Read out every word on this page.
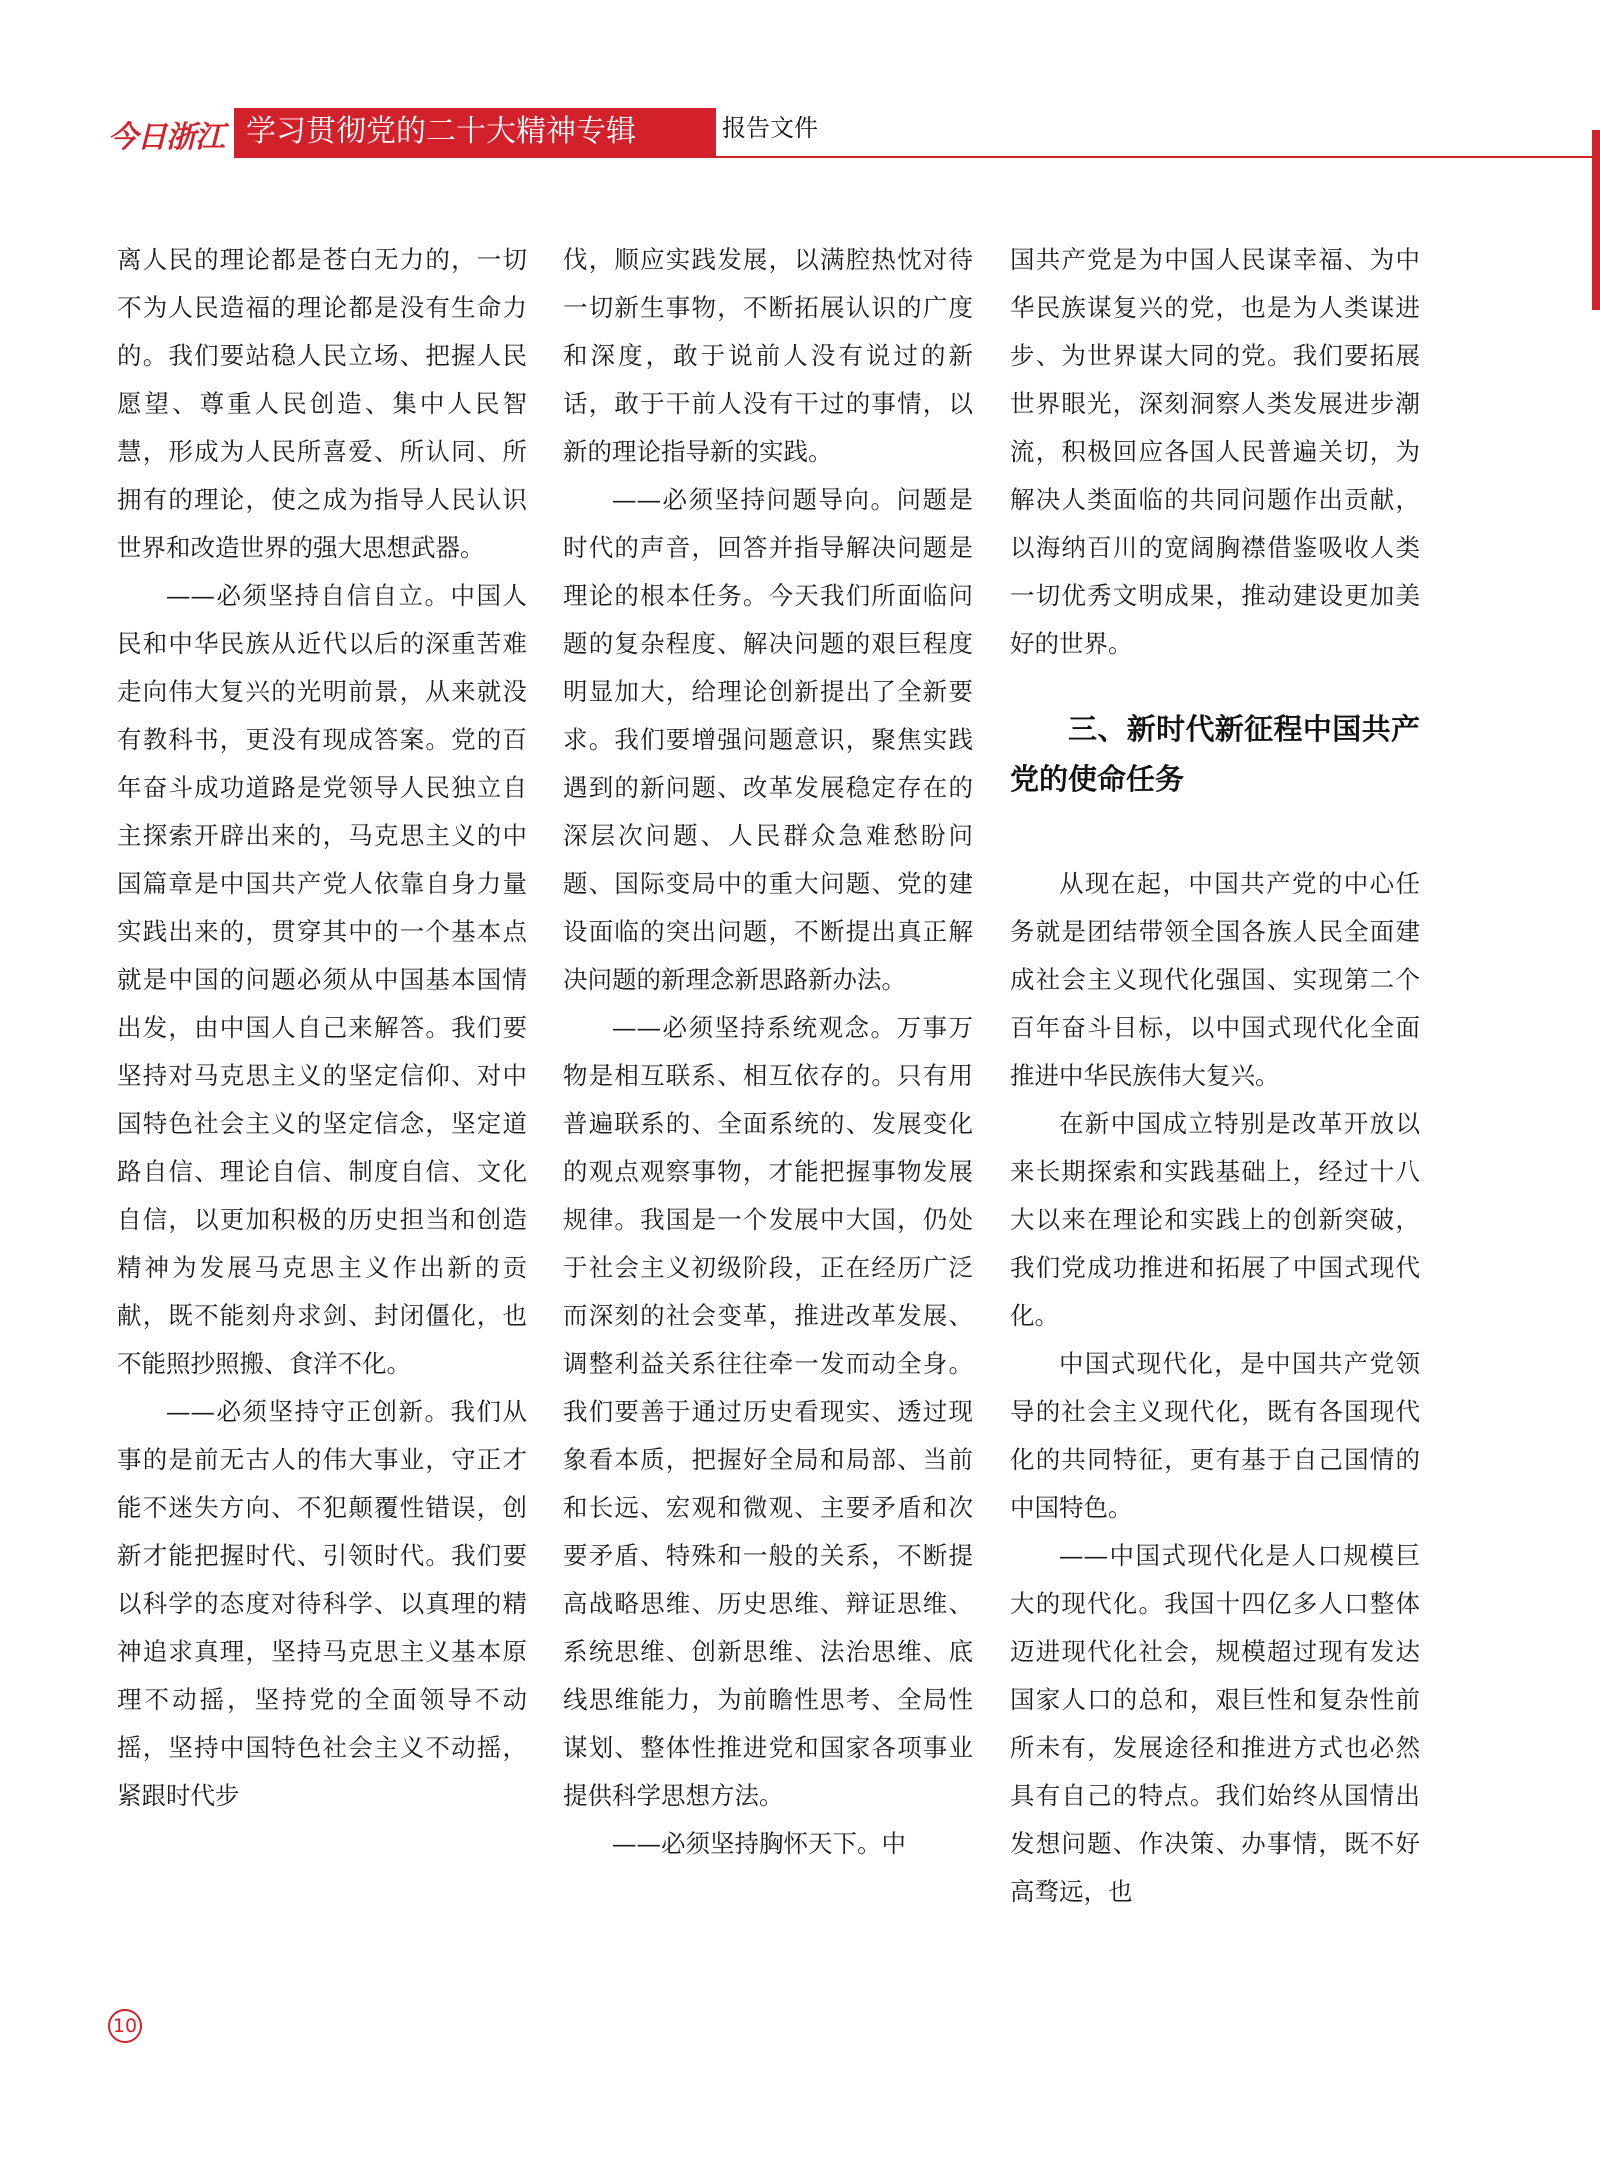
今日浙江 学习贯彻党的二十大精神专辑	报告文件

离人民的理论都是苍白无力的，一切不为人民造福的理论都是没有生命力的。我们要站稳人民立场、把握人民愿望、尊重人民创造、集中人民智慧，形成为人民所喜爱、所认同、所拥有的理论，使之成为指导人民认识世界和改造世界的强大思想武器。

——必须坚持自信自立。中国人民和中华民族从近代以后的深重苦难走向伟大复兴的光明前景，从来就没有教科书，更没有现成答案。党的百年奋斗成功道路是党领导人民独立自主探索开辟出来的，马克思主义的中国篇章是中国共产党人依靠自身力量实践出来的，贯穿其中的一个基本点就是中国的问题必须从中国基本国情出发，由中国人自己来解答。我们要坚持对马克思主义的坚定信仰、对中国特色社会主义的坚定信念，坚定道路自信、理论自信、制度自信、文化自信，以更加积极的历史担当和创造精神为发展马克思主义作出新的贡献，既不能刻舟求剑、封闭僵化，也不能照抄照搬、食洋不化。

——必须坚持守正创新。我们从事的是前无古人的伟大事业，守正才能不迷失方向、不犯颠覆性错误，创新才能把握时代、引领时代。我们要以科学的态度对待科学、以真理的精神追求真理，坚持马克思主义基本原理不动摇，坚持党的全面领导不动摇，坚持中国特色社会主义不动摇，紧跟时代步

伐，顺应实践发展，以满腔热忱对待一切新生事物，不断拓展认识的广度和深度，敢于说前人没有说过的新话，敢于干前人没有干过的事情，以新的理论指导新的实践。

——必须坚持问题导向。问题是时代的声音，回答并指导解决问题是理论的根本任务。今天我们所面临问题的复杂程度、解决问题的艰巨程度明显加大，给理论创新提出了全新要求。我们要增强问题意识，聚焦实践遇到的新问题、改革发展稳定存在的深层次问题、人民群众急难愁盼问题、国际变局中的重大问题、党的建设面临的突出问题，不断提出真正解决问题的新理念新思路新办法。

——必须坚持系统观念。万事万物是相互联系、相互依存的。只有用普遍联系的、全面系统的、发展变化的观点观察事物，才能把握事物发展规律。我国是一个发展中大国，仍处于社会主义初级阶段，正在经历广泛而深刻的社会变革，推进改革发展、调整利益关系往往牵一发而动全身。我们要善于通过历史看现实、透过现象看本质，把握好全局和局部、当前和长远、宏观和微观、主要矛盾和次要矛盾、特殊和一般的关系，不断提高战略思维、历史思维、辩证思维、系统思维、创新思维、法治思维、底线思维能力，为前瞻性思考、全局性谋划、整体性推进党和国家各项事业提供科学思想方法。

——必须坚持胸怀天下。中

国共产党是为中国人民谋幸福、为中华民族谋复兴的党，也是为人类谋进步、为世界谋大同的党。我们要拓展世界眼光，深刻洞察人类发展进步潮流，积极回应各国人民普遍关切，为解决人类面临的共同问题作出贡献，以海纳百川的宽阔胸襟借鉴吸收人类一切优秀文明成果，推动建设更加美好的世界。

三、新时代新征程中国共产党的使命任务

从现在起，中国共产党的中心任务就是团结带领全国各族人民全面建成社会主义现代化强国、实现第二个百年奋斗目标，以中国式现代化全面推进中华民族伟大复兴。

在新中国成立特别是改革开放以来长期探索和实践基础上，经过十八大以来在理论和实践上的创新突破，我们党成功推进和拓展了中国式现代化。

中国式现代化，是中国共产党领导的社会主义现代化，既有各国现代化的共同特征，更有基于自己国情的中国特色。

——中国式现代化是人口规模巨大的现代化。我国十四亿多人口整体迈进现代化社会，规模超过现有发达国家人口的总和，艰巨性和复杂性前所未有，发展途径和推进方式也必然具有自己的特点。我们始终从国情出发想问题、作决策、办事情，既不好高骛远，也

10
